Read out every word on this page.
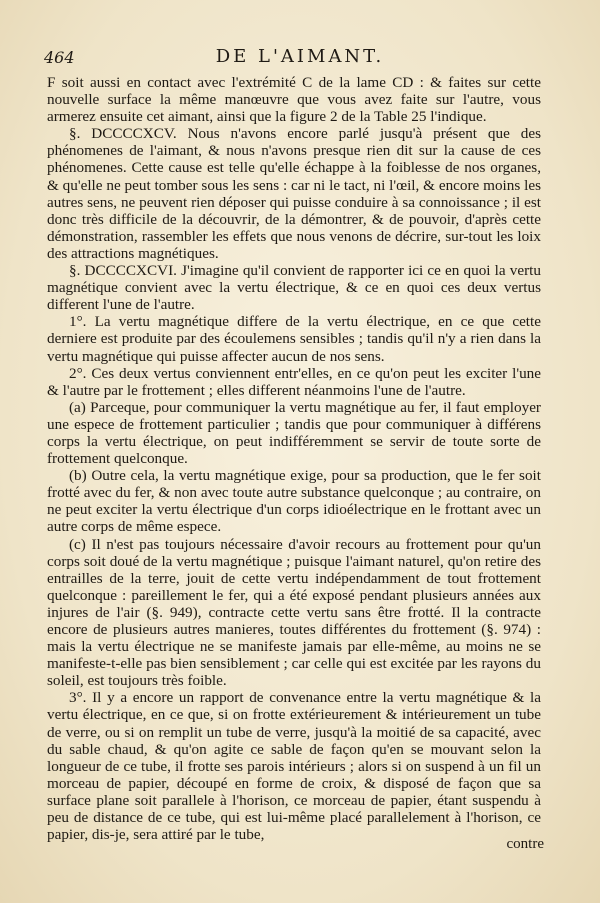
464	DE L'AIMANT.

F soit aussi en contact avec l'extrémité C de la lame CD : & faites sur cette nouvelle surface la même manœuvre que vous avez faite sur l'autre, vous armerez ensuite cet aimant, ainsi que la figure 2 de la Table 25 l'indique.

§. DCCCCXCV. Nous n'avons encore parlé jusqu'à présent que des phénomenes de l'aimant, & nous n'avons presque rien dit sur la cause de ces phénomenes. Cette cause est telle qu'elle échappe à la foiblesse de nos organes, & qu'elle ne peut tomber sous les sens : car ni le tact, ni l'œil, & encore moins les autres sens, ne peuvent rien déposer qui puisse conduire à sa connoissance ; il est donc très difficile de la découvrir, de la démontrer, & de pouvoir, d'après cette démonstration, rassembler les effets que nous venons de décrire, sur-tout les loix des attractions magnétiques.

§. DCCCCXCVI. J'imagine qu'il convient de rapporter ici ce en quoi la vertu magnétique convient avec la vertu électrique, & ce en quoi ces deux vertus different l'une de l'autre.

1°. La vertu magnétique differe de la vertu électrique, en ce que cette derniere est produite par des écoulemens sensibles ; tandis qu'il n'y a rien dans la vertu magnétique qui puisse affecter aucun de nos sens.

2°. Ces deux vertus conviennent entr'elles, en ce qu'on peut les exciter l'une & l'autre par le frottement ; elles different néanmoins l'une de l'autre.

(a) Parceque, pour communiquer la vertu magnétique au fer, il faut employer une espece de frottement particulier ; tandis que pour communiquer à différens corps la vertu électrique, on peut indifféremment se servir de toute sorte de frottement quelconque.

(b) Outre cela, la vertu magnétique exige, pour sa production, que le fer soit frotté avec du fer, & non avec toute autre substance quelconque ; au contraire, on ne peut exciter la vertu électrique d'un corps idioélectrique en le frottant avec un autre corps de même espece.

(c) Il n'est pas toujours nécessaire d'avoir recours au frottement pour qu'un corps soit doué de la vertu magnétique ; puisque l'aimant naturel, qu'on retire des entrailles de la terre, jouit de cette vertu indépendamment de tout frottement quelconque : pareillement le fer, qui a été exposé pendant plusieurs années aux injures de l'air (§. 949), contracte cette vertu sans être frotté. Il la contracte encore de plusieurs autres manieres, toutes différentes du frottement (§. 974) : mais la vertu électrique ne se manifeste jamais par elle-même, au moins ne se manifeste-t-elle pas bien sensiblement ; car celle qui est excitée par les rayons du soleil, est toujours très foible.

3°. Il y a encore un rapport de convenance entre la vertu magnétique & la vertu électrique, en ce que, si on frotte extérieurement & intérieurement un tube de verre, ou si on remplit un tube de verre, jusqu'à la moitié de sa capacité, avec du sable chaud, & qu'on agite ce sable de façon qu'en se mouvant selon la longueur de ce tube, il frotte ses parois intérieurs ; alors si on suspend à un fil un morceau de papier, découpé en forme de croix, & disposé de façon que sa surface plane soit parallele à l'horison, ce morceau de papier, étant suspendu à peu de distance de ce tube, qui est lui-même placé parallelement à l'horison, ce papier, dis-je, sera attiré par le tube,

contre
